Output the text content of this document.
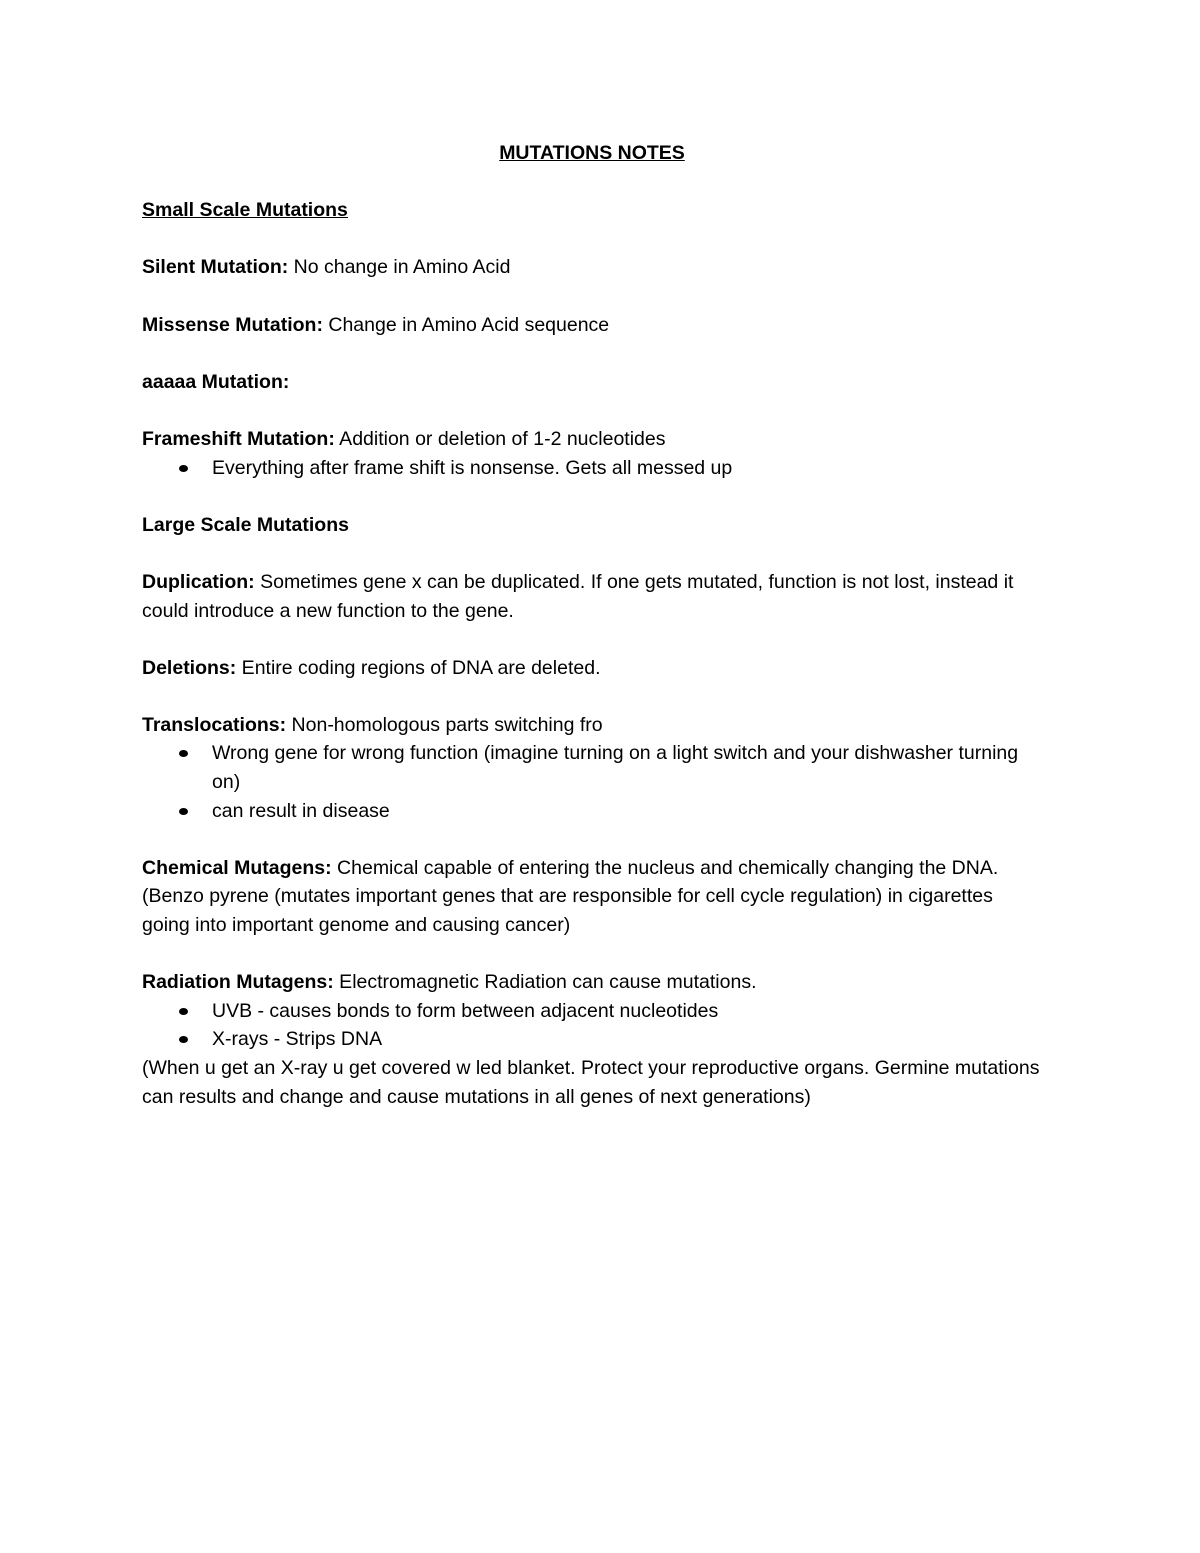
MUTATIONS NOTES
Small Scale Mutations

Silent Mutation: No change in Amino Acid

Missense Mutation: Change in Amino Acid sequence

aaaaa Mutation:

Frameshift Mutation: Addition or deletion of 1-2 nucleotides

Everything after frame shift is nonsense. Gets all messed up
Large Scale Mutations

Duplication: Sometimes gene x can be duplicated. If one gets mutated, function is not lost, instead it could introduce a new function to the gene.

Deletions: Entire coding regions of DNA are deleted.

Translocations: Non-homologous parts switching fro

Wrong gene for wrong function (imagine turning on a light switch and your dishwasher turning on)
can result in disease

Chemical Mutagens: Chemical capable of entering the nucleus and chemically changing the DNA.

(Benzo pyrene (mutates important genes that are responsible for cell cycle regulation) in cigarettes going into important genome and causing cancer)

Radiation Mutagens: Electromagnetic Radiation can cause mutations.

UVB - causes bonds to form between adjacent nucleotides
X-rays - Strips DNA

(When u get an X-ray u get covered w led blanket. Protect your reproductive organs. Germine mutations can results and change and cause mutations in all genes of next generations)
